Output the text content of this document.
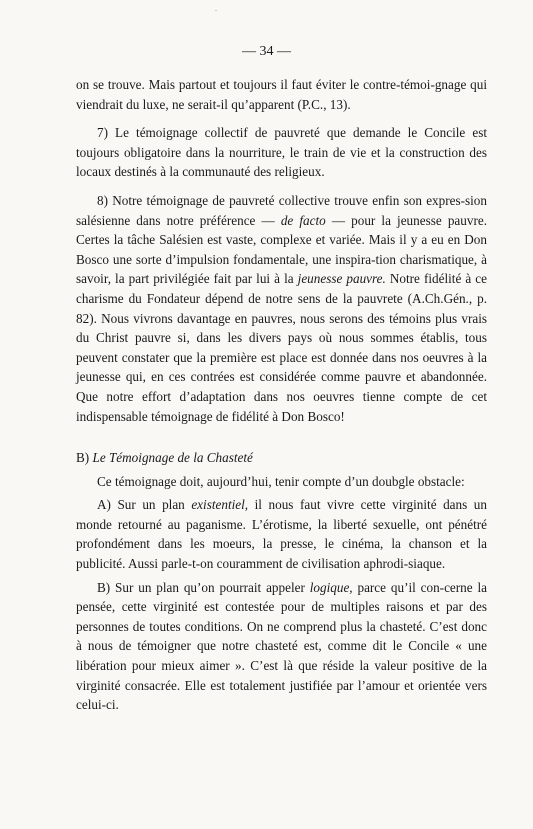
— 34 —

on se trouve. Mais partout et toujours il faut éviter le contre-témoi-gnage qui viendrait du luxe, ne serait-il qu’apparent (P.C., 13).

7) Le témoignage collectif de pauvreté que demande le Concile est toujours obligatoire dans la nourriture, le train de vie et la construction des locaux destinés à la communauté des religieux.

8) Notre témoignage de pauvreté collective trouve enfin son expres-sion salésienne dans notre préférence — de facto — pour la jeunesse pauvre. Certes la tâche Salésien est vaste, complexe et variée. Mais il y a eu en Don Bosco une sorte d’impulsion fondamentale, une inspira-tion charismatique, à savoir, la part privilégiée fait par lui à la jeunesse pauvre. Notre fidélité à ce charisme du Fondateur dépend de notre sens de la pauvrete (A.Ch.Gén., p. 82). Nous vivrons davantage en pauvres, nous serons des témoins plus vrais du Christ pauvre si, dans les divers pays où nous sommes établis, tous peuvent constater que la première est place est donnée dans nos oeuvres à la jeunesse qui, en ces contrées est considérée comme pauvre et abandonnée. Que notre effort d’adaptation dans nos oeuvres tienne compte de cet indispensable témoignage de fidélité à Don Bosco!

B) Le Témoignage de la Chasteté

Ce témoignage doit, aujourd’hui, tenir compte d’un doubgle obstacle:

A) Sur un plan existentiel, il nous faut vivre cette virginité dans un monde retourné au paganisme. L’érotisme, la liberté sexuelle, ont pénétré profondément dans les moeurs, la presse, le cinéma, la chanson et la publicité. Aussi parle-t-on couramment de civilisation aphrodi-siaque.

B) Sur un plan qu’on pourrait appeler logique, parce qu’il con-cerne la pensée, cette virginité est contestée pour de multiples raisons et par des personnes de toutes conditions. On ne comprend plus la chasteté. C’est donc à nous de témoigner que notre chasteté est, comme dit le Concile « une libération pour mieux aimer ». C’est là que réside la valeur positive de la virginité consacrée. Elle est totalement justifiée par l’amour et orientée vers celui-ci.
